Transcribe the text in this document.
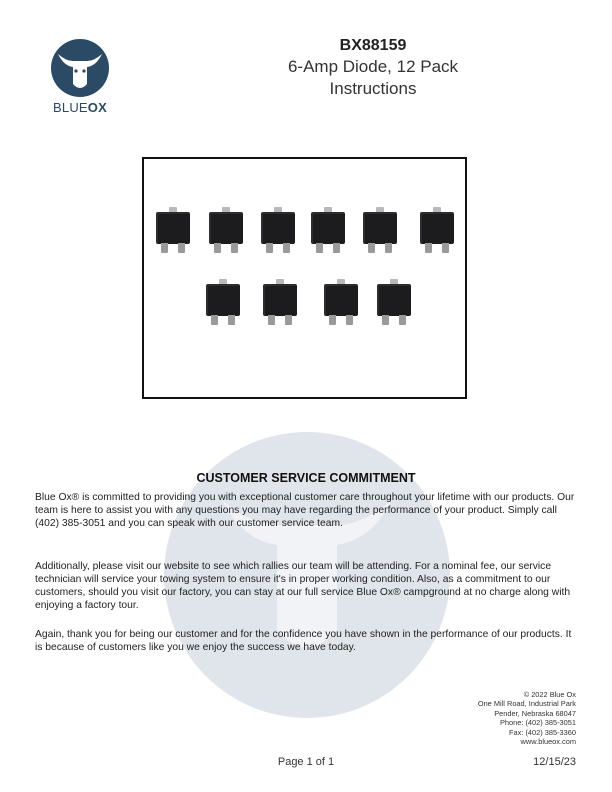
BLUEOX
BX88159
6-Amp Diode, 12 Pack
Instructions
CUSTOMER SERVICE COMMITMENT
Blue Ox® is committed to providing you with exceptional customer care throughout your lifetime with our products. Our team is here to assist you with any questions you may have regarding the performance of your product. Simply call (402) 385-3051 and you can speak with our customer service team.
Additionally, please visit our website to see which rallies our team will be attending. For a nominal fee, our service technician will service your towing system to ensure it's in proper working condition. Also, as a commitment to our customers, should you visit our factory, you can stay at our full service Blue Ox® campground at no charge along with enjoying a factory tour.
Again, thank you for being our customer and for the confidence you have shown in the performance of our products. It is because of customers like you we enjoy the success we have today.
© 2022 Blue Ox
One Mill Road, Industrial Park
Pender, Nebraska 68047
Phone: (402) 385-3051
Fax: (402) 385-3360
www.blueox.com
Page 1 of 1	12/15/23
